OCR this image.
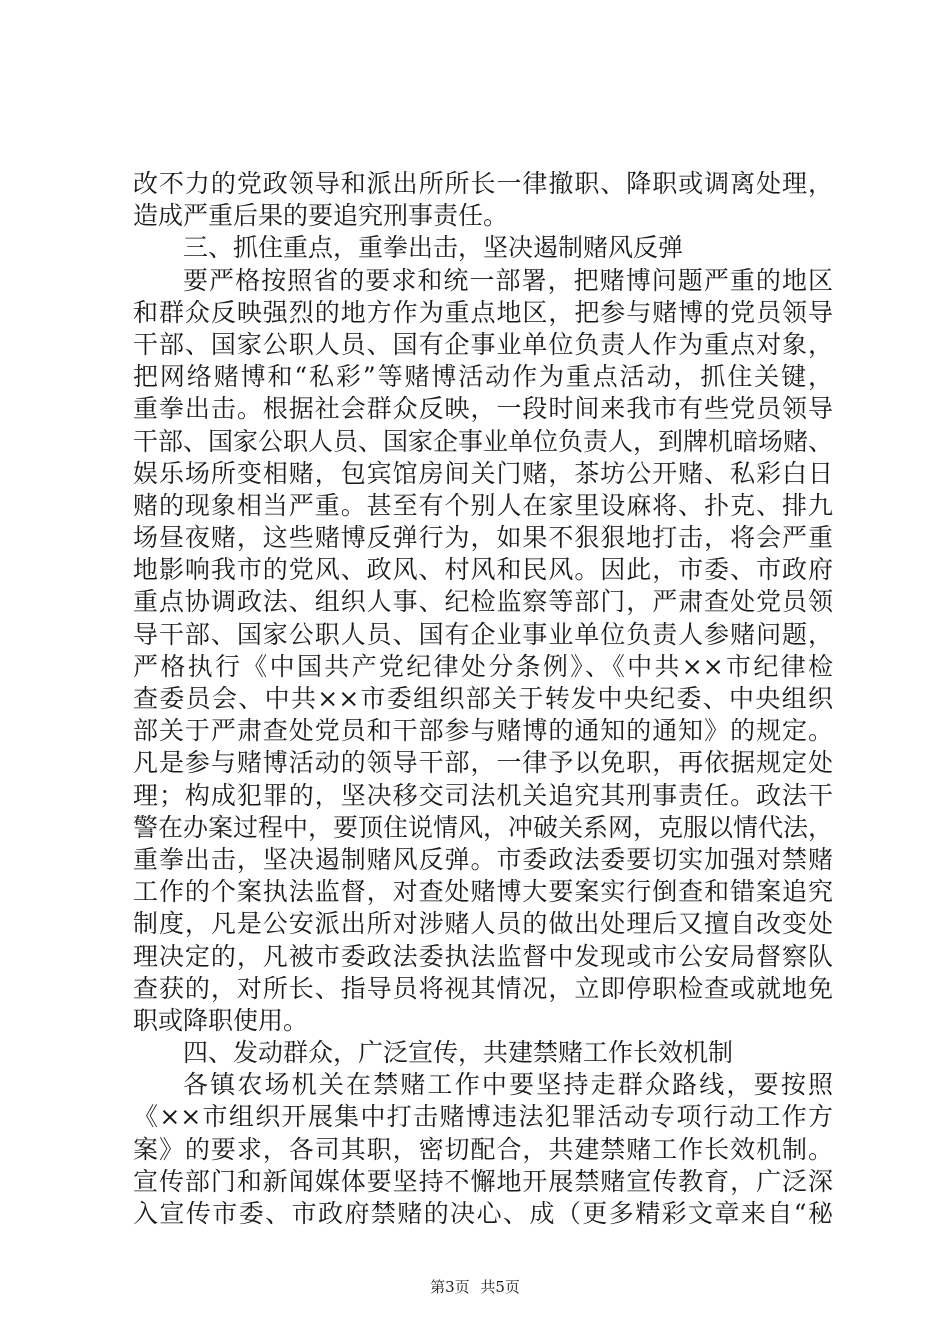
改不力的党政领导和派出所所长一律撤职、降职或调离处理，
造成严重后果的要追究刑事责任。
三、抓住重点，重拳出击，坚决遏制赌风反弹
要严格按照省的要求和统一部署，把赌博问题严重的地区
和群众反映强烈的地方作为重点地区，把参与赌博的党员领导
干部、国家公职人员、国有企事业单位负责人作为重点对象，
把网络赌博和“私彩”等赌博活动作为重点活动，抓住关键，
重拳出击。根据社会群众反映，一段时间来我市有些党员领导
干部、国家公职人员、国家企事业单位负责人，到牌机暗场赌、
娱乐场所变相赌，包宾馆房间关门赌，茶坊公开赌、私彩白日
赌的现象相当严重。甚至有个别人在家里设麻将、扑克、排九
场昼夜赌，这些赌博反弹行为，如果不狠狠地打击，将会严重
地影响我市的党风、政风、村风和民风。因此，市委、市政府
重点协调政法、组织人事、纪检监察等部门，严肃查处党员领
导干部、国家公职人员、国有企业事业单位负责人参赌问题，
严格执行《中国共产党纪律处分条例》、《中共××市纪律检
查委员会、中共××市委组织部关于转发中央纪委、中央组织
部关于严肃查处党员和干部参与赌博的通知的通知》的规定。
凡是参与赌博活动的领导干部，一律予以免职，再依据规定处
理；构成犯罪的，坚决移交司法机关追究其刑事责任。政法干
警在办案过程中，要顶住说情风，冲破关系网，克服以情代法，
重拳出击，坚决遏制赌风反弹。市委政法委要切实加强对禁赌
工作的个案执法监督，对查处赌博大要案实行倒查和错案追究
制度，凡是公安派出所对涉赌人员的做出处理后又擅自改变处
理决定的，凡被市委政法委执法监督中发现或市公安局督察队
查获的，对所长、指导员将视其情况，立即停职检查或就地免
职或降职使用。
四、发动群众，广泛宣传，共建禁赌工作长效机制
各镇农场机关在禁赌工作中要坚持走群众路线，要按照
《××市组织开展集中打击赌博违法犯罪活动专项行动工作方
案》的要求，各司其职，密切配合，共建禁赌工作长效机制。
宣传部门和新闻媒体要坚持不懈地开展禁赌宣传教育，广泛深
入宣传市委、市政府禁赌的决心、成（更多精彩文章来自“秘
第3页 共5页
